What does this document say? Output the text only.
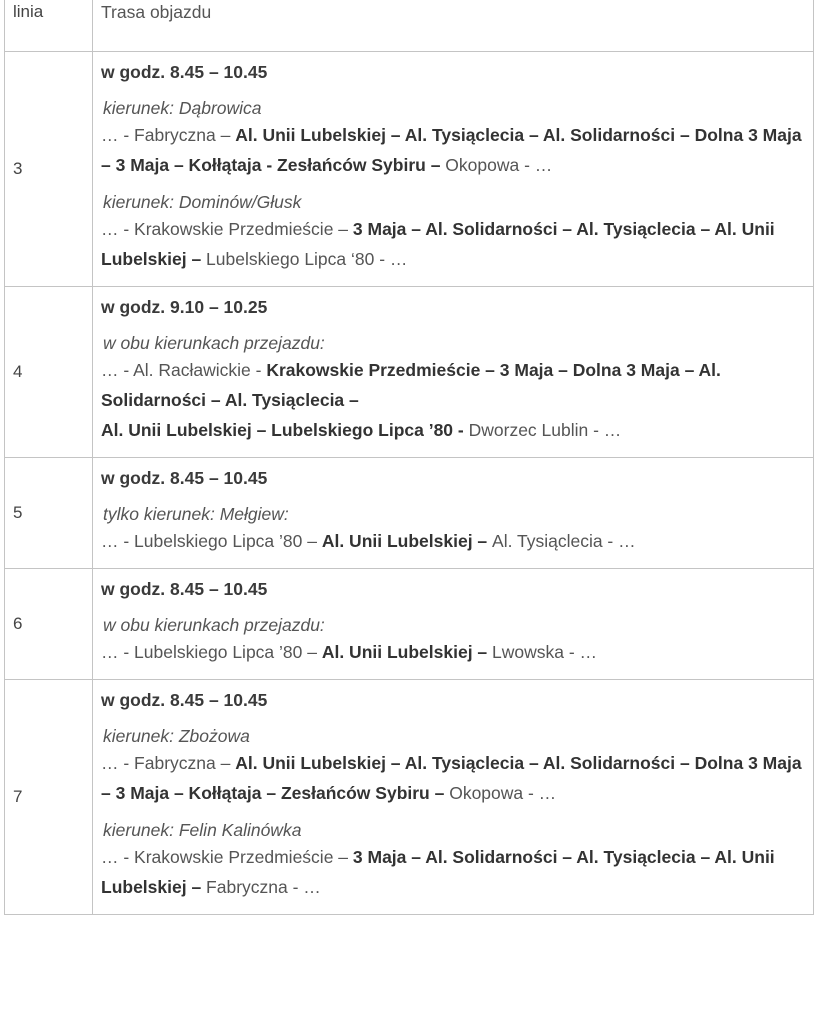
linia	Trasa objazdu

3	w godz. 8.45 – 10.45
kierunek: Dąbrowica
… - Fabryczna – Al. Unii Lubelskiej – Al. Tysiąclecia – Al. Solidarności – Dolna 3 Maja – 3 Maja – Kołłątaja - Zesłańców Sybiru – Okopowa - …
kierunek: Dominów/Głusk
… - Krakowskie Przedmieście – 3 Maja – Al. Solidarności – Al. Tysiąclecia – Al. Unii Lubelskiej – Lubelskiego Lipca ‘80 - …

4	w godz. 9.10 – 10.25
w obu kierunkach przejazdu:
… - Al. Racławickie - Krakowskie Przedmieście – 3 Maja – Dolna 3 Maja – Al. Solidarności – Al. Tysiąclecia –
Al. Unii Lubelskiej – Lubelskiego Lipca ’80 - Dworzec Lublin - …

5	w godz. 8.45 – 10.45
tylko kierunek: Mełgiew:
… - Lubelskiego Lipca ’80 – Al. Unii Lubelskiej – Al. Tysiąclecia - …

6	w godz. 8.45 – 10.45
w obu kierunkach przejazdu:
… - Lubelskiego Lipca ’80 – Al. Unii Lubelskiej – Lwowska - …

7	w godz. 8.45 – 10.45
kierunek: Zbożowa
… - Fabryczna – Al. Unii Lubelskiej – Al. Tysiąclecia – Al. Solidarności – Dolna 3 Maja – 3 Maja – Kołłątaja – Zesłańców Sybiru – Okopowa - …
kierunek: Felin Kalinówka
… - Krakowskie Przedmieście – 3 Maja – Al. Solidarności – Al. Tysiąclecia – Al. Unii Lubelskiej – Fabryczna - …
